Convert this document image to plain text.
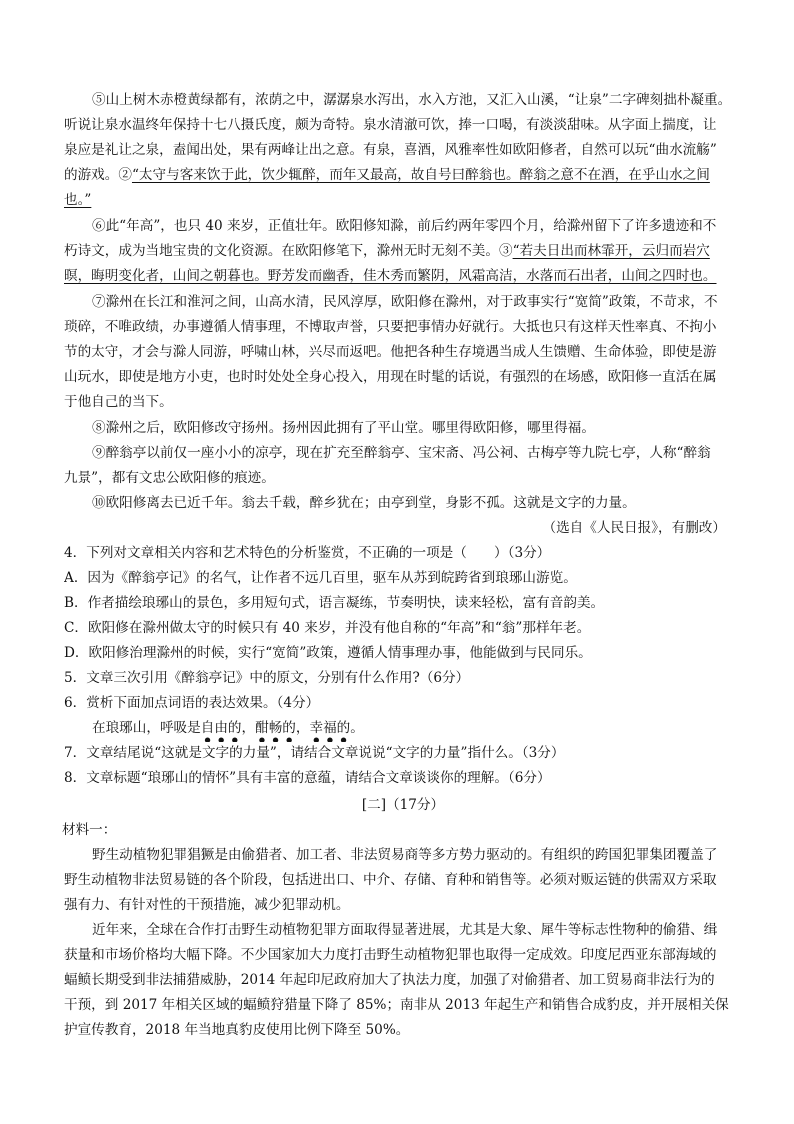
⑤山上树木赤橙黄绿都有，浓荫之中，潺潺泉水泻出，水入方池，又汇入山溪，“让泉”二字碑刻拙朴凝重。
听说让泉水温终年保持十七八摄氏度，颇为奇特。泉水清澈可饮，捧一口喝，有淡淡甜味。从字面上揣度，让
泉应是礼让之泉，盍闻出处，果有两峰让出之意。有泉，喜酒，风雅率性如欧阳修者，自然可以玩“曲水流觞”
的游戏。②“太守与客来饮于此，饮少辄醉，而年又最高，故自号曰醉翁也。醉翁之意不在酒，在乎山水之间
也。”
⑥此“年高”，也只 40 来岁，正值壮年。欧阳修知滁，前后约两年零四个月，给滁州留下了许多遗迹和不
朽诗文，成为当地宝贵的文化资源。在欧阳修笔下，滁州无时无刻不美。③“若夫日出而林霏开，云归而岩穴
暝，晦明变化者，山间之朝暮也。野芳发而幽香，佳木秀而繁阴，风霜高洁，水落而石出者，山间之四时也。
⑦滁州在长江和淮河之间，山高水清，民风淳厚，欧阳修在滁州，对于政事实行“宽简”政策，不苛求，不
琐碎，不唯政绩，办事遵循人情事理，不博取声誉，只要把事情办好就行。大抵也只有这样天性率真、不拘小
节的太守，才会与滁人同游，呼啸山林，兴尽而返吧。他把各种生存境遇当成人生馈赠、生命体验，即使是游
山玩水，即使是地方小吏，也时时处处全身心投入，用现在时髦的话说，有强烈的在场感，欧阳修一直活在属
于他自己的当下。
⑧滁州之后，欧阳修改守扬州。扬州因此拥有了平山堂。哪里得欧阳修，哪里得福。
⑨醉翁亭以前仅一座小小的凉亭，现在扩充至醉翁亭、宝宋斋、冯公祠、古梅亭等九院七亭，人称“醉翁
九景”，都有文忠公欧阳修的痕迹。
⑩欧阳修离去已近千年。翁去千载，醉乡犹在；由亭到堂，身影不孤。这就是文字的力量。
（选自《人民日报》，有删改）
4．下列对文章相关内容和艺术特色的分析鉴赏，不正确的一项是（　　）（3分）
A．因为《醉翁亭记》的名气，让作者不远几百里，驱车从苏到皖跨省到琅琊山游览。
B．作者描绘琅琊山的景色，多用短句式，语言凝练，节奏明快，读来轻松，富有音韵美。
C．欧阳修在滁州做太守的时候只有 40 来岁，并没有他自称的“年高”和“翁”那样年老。
D．欧阳修治理滁州的时候，实行“宽简”政策，遵循人情事理办事，他能做到与民同乐。
5．文章三次引用《醉翁亭记》中的原文，分别有什么作用?（6分）
6．赏析下面加点词语的表达效果。（4分）
在琅琊山，呼吸是自由的，酣畅的，幸福的。
7．文章结尾说“这就是文字的力量”，请结合文章说说“文字的力量”指什么。（3分）
8．文章标题“琅琊山的情怀”具有丰富的意蕴，请结合文章谈谈你的理解。（6分）
[二]（17分）
材料一：
野生动植物犯罪猖獗是由偷猎者、加工者、非法贸易商等多方势力驱动的。有组织的跨国犯罪集团覆盖了
野生动植物非法贸易链的各个阶段，包括进出口、中介、存储、育种和销售等。必须对贩运链的供需双方采取
强有力、有针对性的干预措施，减少犯罪动机。
近年来，全球在合作打击野生动植物犯罪方面取得显著进展，尤其是大象、犀牛等标志性物种的偷猎、缉
获量和市场价格均大幅下降。不少国家加大力度打击野生动植物犯罪也取得一定成效。印度尼西亚东部海域的
蝠鲼长期受到非法捕猎威胁，2014 年起印尼政府加大了执法力度，加强了对偷猎者、加工贸易商非法行为的
干预，到 2017 年相关区域的蝠鲼狩猎量下降了 85%；南非从 2013 年起生产和销售合成豹皮，并开展相关保
护宣传教育，2018 年当地真豹皮使用比例下降至 50%。
